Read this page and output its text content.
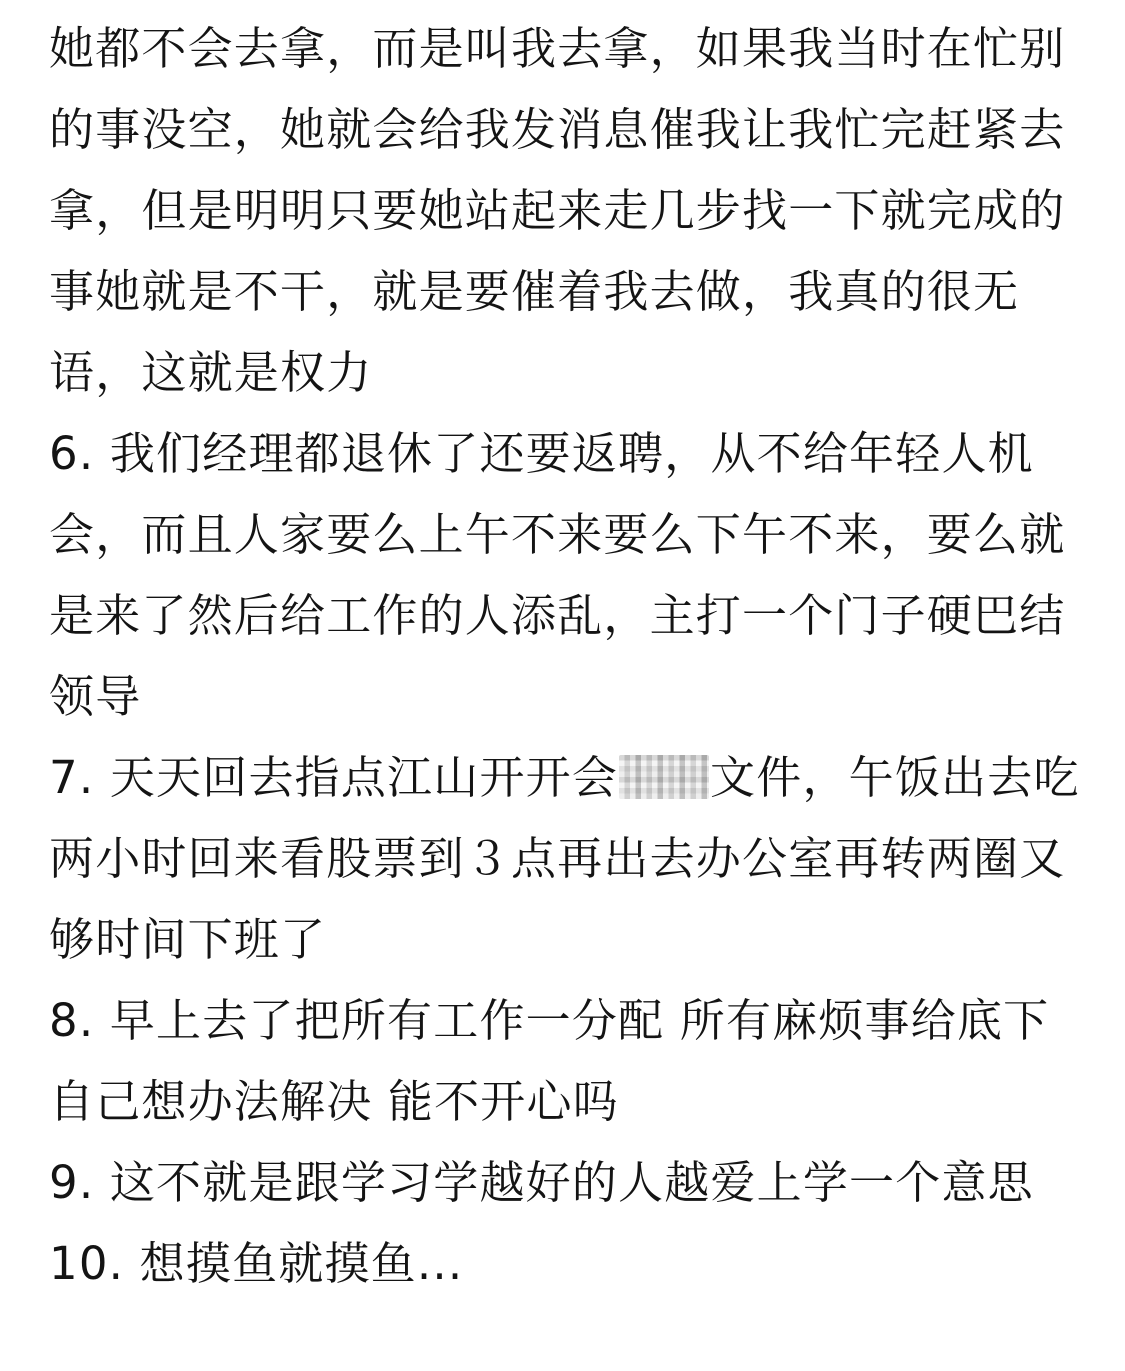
她都不会去拿，而是叫我去拿，如果我当时在忙别的事没空，她就会给我发消息催我让我忙完赶紧去拿，但是明明只要她站起来走几步找一下就完成的事她就是不干，就是要催着我去做，我真的很无语，这就是权力

6. 我们经理都退休了还要返聘，从不给年轻人机会，而且人家要么上午不来要么下午不来，要么就是来了然后给工作的人添乱，主打一个门子硬巴结领导

7. 天天回去指点江山开开会 文件，午饭出去吃两小时回来看股票到３点再出去办公室再转两圈又够时间下班了

8. 早上去了把所有工作一分配 所有麻烦事给底下自己想办法解决 能不开心吗

9. 这不就是跟学习学越好的人越爱上学一个意思

10. 想摸鱼就摸鱼...
